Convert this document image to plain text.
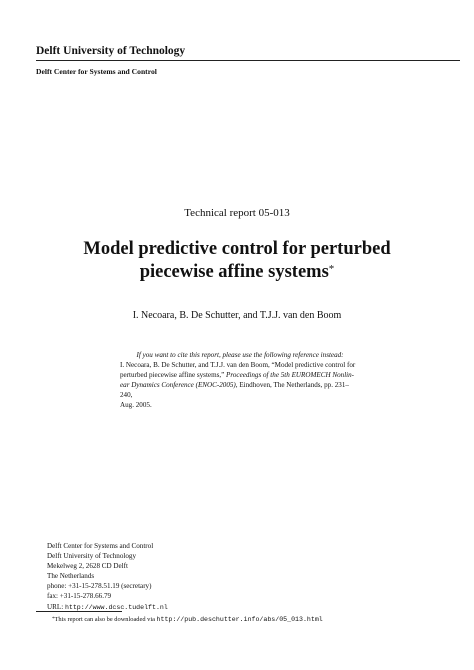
Delft University of Technology
Delft Center for Systems and Control
Technical report 05-013
Model predictive control for perturbed
piecewise affine systems*
I. Necoara, B. De Schutter, and T.J.J. van den Boom
If you want to cite this report, please use the following reference instead:
I. Necoara, B. De Schutter, and T.J.J. van den Boom, “Model predictive control for
perturbed piecewise affine systems,” Proceedings of the 5th EUROMECH Nonlin-
ear Dynamics Conference (ENOC-2005), Eindhoven, The Netherlands, pp. 231–240,
Aug. 2005.
Delft Center for Systems and Control
Delft University of Technology
Mekelweg 2, 2628 CD Delft
The Netherlands
phone: +31-15-278.51.19 (secretary)
fax: +31-15-278.66.79
URL: http://www.dcsc.tudelft.nl
*This report can also be downloaded via http://pub.deschutter.info/abs/05_013.html
